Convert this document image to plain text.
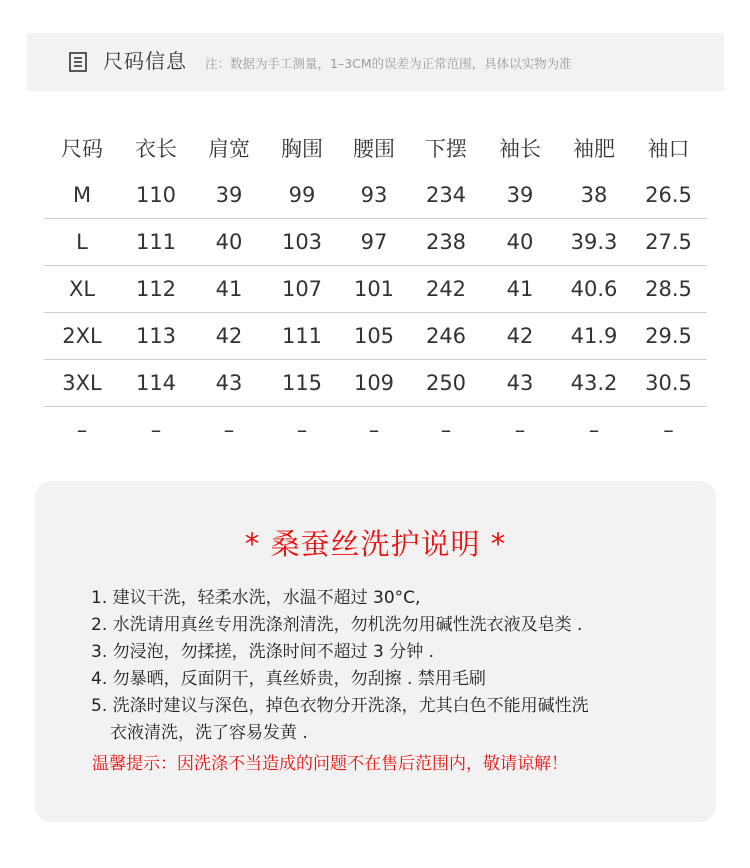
尺码信息 注：数据为手工测量，1–3CM的误差为正常范围，具体以实物为准
尺码	衣长	肩宽	胸围	腰围	下摆	袖长	袖肥	袖口
M	110	39	99	93	234	39	38	26.5
L	111	40	103	97	238	40	39.3	27.5
XL	112	41	107	101	242	41	40.6	28.5
2XL	113	42	111	105	246	42	41.9	29.5
3XL	114	43	115	109	250	43	43.2	30.5
–	–	–	–	–	–	–	–	–
* 桑蚕丝洗护说明 *
1. 建议干洗，轻柔水洗，水温不超过 30°C,
2. 水洗请用真丝专用洗涤剂清洗，勿机洗勿用碱性洗衣液及皂类 .
3. 勿浸泡，勿揉搓，洗涤时间不超过 3 分钟 .
4. 勿暴晒，反面阴干，真丝娇贵，勿刮擦 . 禁用毛刷
5. 洗涤时建议与深色，掉色衣物分开洗涤，尤其白色不能用碱性洗
衣液清洗，洗了容易发黄 .
温馨提示：因洗涤不当造成的问题不在售后范围内，敬请谅解！
